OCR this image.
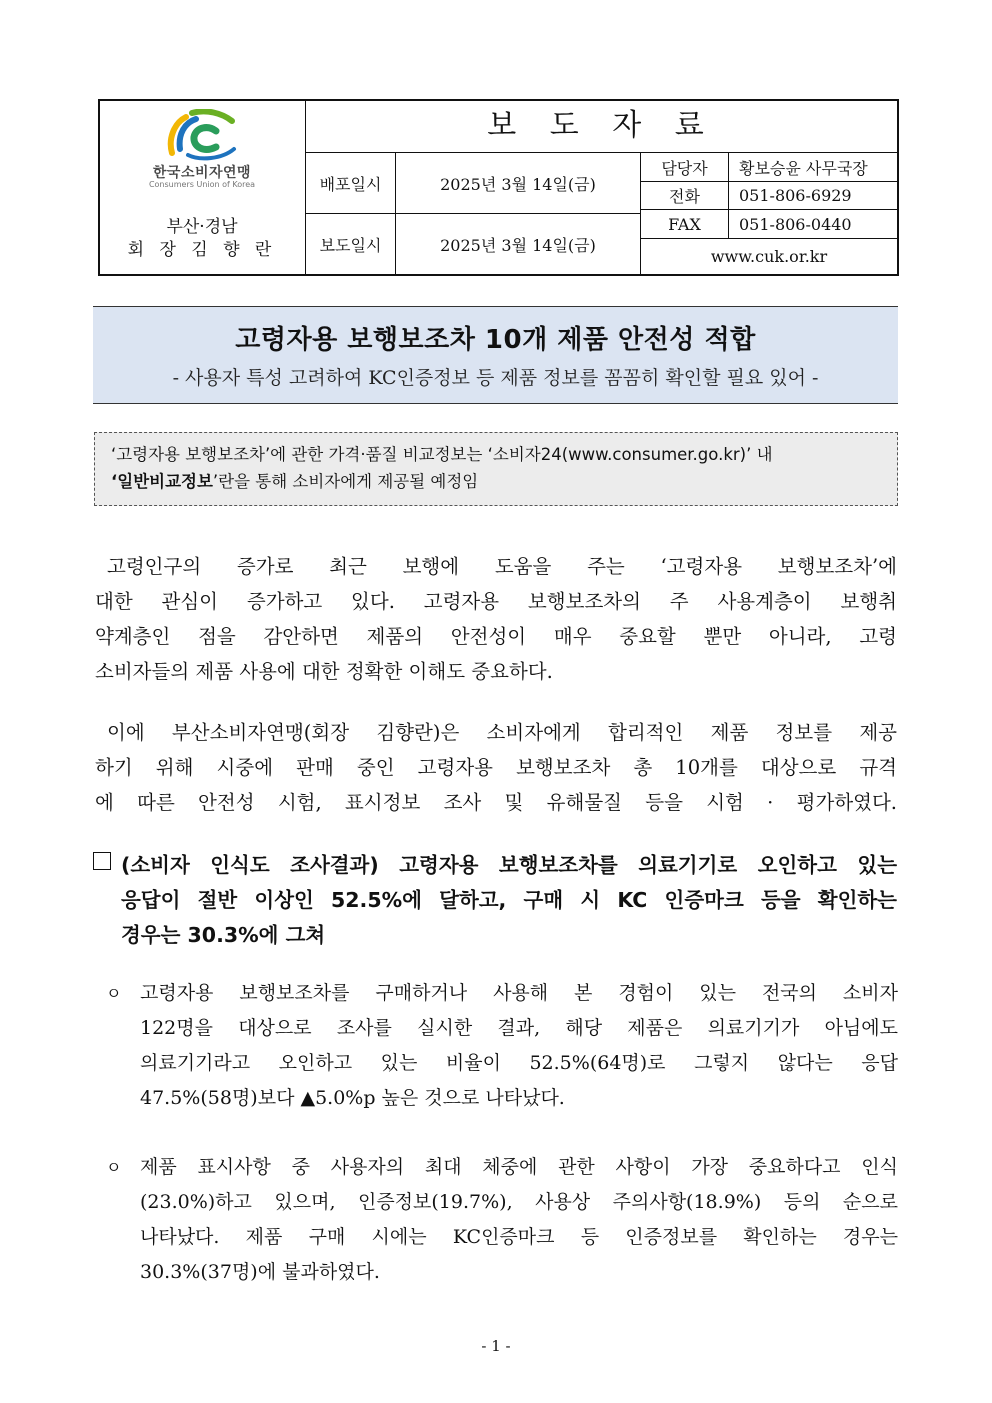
한국소비자연맹
Consumers Union of Korea
부산·경남
회 장 김 향 란
보 도 자 료
배포일시	2025년 3월 14일(금)
보도일시	2025년 3월 14일(금)
담당자	황보승윤 사무국장
전화	051-806-6929
FAX	051-806-0440
www.cuk.or.kr
고령자용 보행보조차 10개 제품 안전성 적합
- 사용자 특성 고려하여 KC인증정보 등 제품 정보를 꼼꼼히 확인할 필요 있어 -
‘고령자용 보행보조차’에 관한 가격·품질 비교정보는 ‘소비자24(www.consumer.go.kr)’ 내
‘일반비교정보’란을 통해 소비자에게 제공될 예정임
고령인구의 증가로 최근 보행에 도움을 주는 ‘고령자용 보행보조차’에
대한 관심이 증가하고 있다. 고령자용 보행보조차의 주 사용계층이 보행취
약계층인 점을 감안하면 제품의 안전성이 매우 중요할 뿐만 아니라, 고령
소비자들의 제품 사용에 대한 정확한 이해도 중요하다.
이에 부산소비자연맹(회장 김향란)은 소비자에게 합리적인 제품 정보를 제공
하기 위해 시중에 판매 중인 고령자용 보행보조차 총 10개를 대상으로 규격
에 따른 안전성 시험, 표시정보 조사 및 유해물질 등을 시험 · 평가하였다.
(소비자 인식도 조사결과) 고령자용 보행보조차를 의료기기로 오인하고 있는
응답이 절반 이상인 52.5%에 달하고, 구매 시 KC 인증마크 등을 확인하는
경우는 30.3%에 그쳐
ㅇ 고령자용 보행보조차를 구매하거나 사용해 본 경험이 있는 전국의 소비자
122명을 대상으로 조사를 실시한 결과, 해당 제품은 의료기기가 아님에도
의료기기라고 오인하고 있는 비율이 52.5%(64명)로 그렇지 않다는 응답
47.5%(58명)보다 ▲5.0%p 높은 것으로 나타났다.
ㅇ 제품 표시사항 중 사용자의 최대 체중에 관한 사항이 가장 중요하다고 인식
(23.0%)하고 있으며, 인증정보(19.7%), 사용상 주의사항(18.9%) 등의 순으로
나타났다. 제품 구매 시에는 KC인증마크 등 인증정보를 확인하는 경우는
30.3%(37명)에 불과하였다.
- 1 -
